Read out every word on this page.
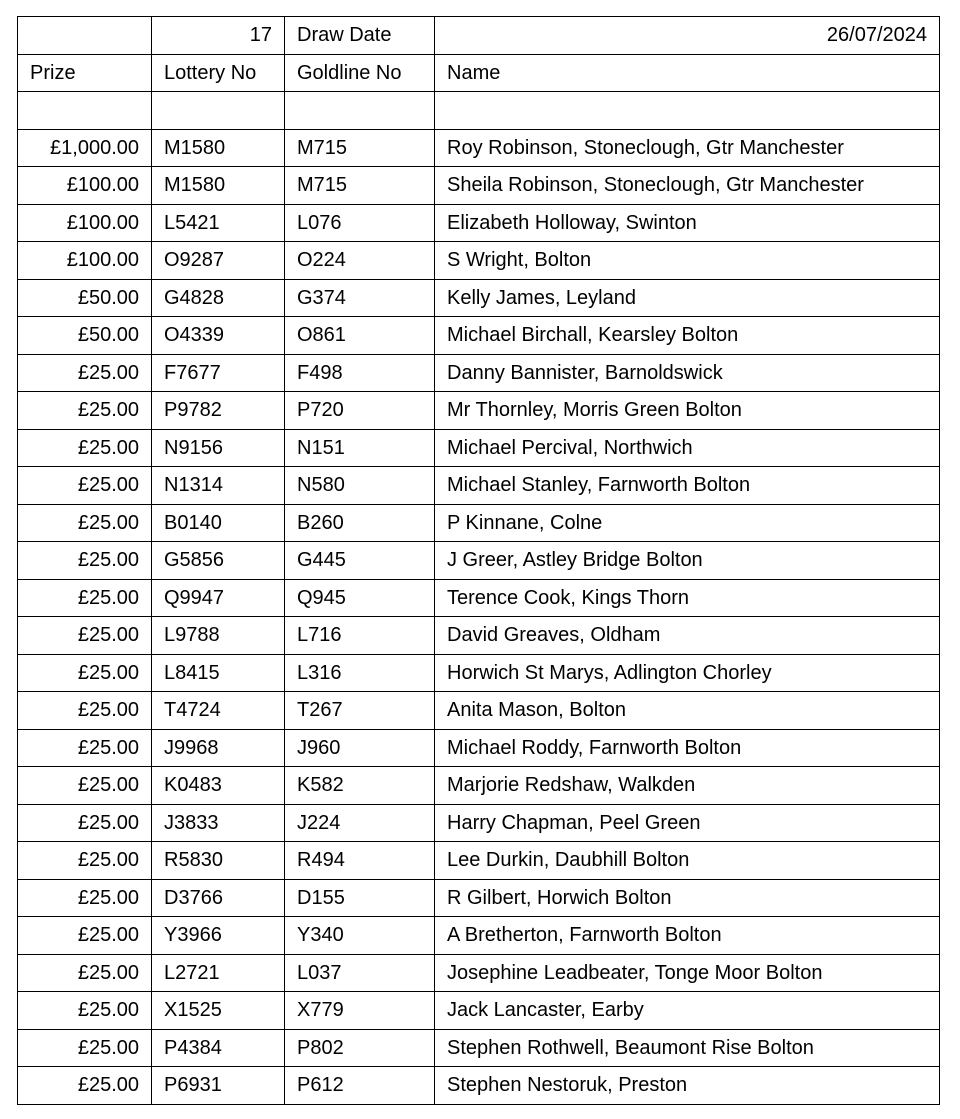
	17	Draw Date	26/07/2024
Prize	Lottery No	Goldline No	Name

£1,000.00	M1580	M715	Roy Robinson, Stoneclough, Gtr Manchester
£100.00	M1580	M715	Sheila Robinson, Stoneclough, Gtr Manchester
£100.00	L5421	L076	Elizabeth Holloway, Swinton
£100.00	O9287	O224	S Wright, Bolton
£50.00	G4828	G374	Kelly James, Leyland
£50.00	O4339	O861	Michael Birchall, Kearsley Bolton
£25.00	F7677	F498	Danny Bannister, Barnoldswick
£25.00	P9782	P720	Mr Thornley, Morris Green Bolton
£25.00	N9156	N151	Michael Percival, Northwich
£25.00	N1314	N580	Michael Stanley, Farnworth Bolton
£25.00	B0140	B260	P Kinnane, Colne
£25.00	G5856	G445	J Greer, Astley Bridge Bolton
£25.00	Q9947	Q945	Terence Cook, Kings Thorn
£25.00	L9788	L716	David Greaves, Oldham
£25.00	L8415	L316	Horwich St Marys, Adlington Chorley
£25.00	T4724	T267	Anita Mason, Bolton
£25.00	J9968	J960	Michael Roddy, Farnworth Bolton
£25.00	K0483	K582	Marjorie Redshaw, Walkden
£25.00	J3833	J224	Harry Chapman, Peel Green
£25.00	R5830	R494	Lee Durkin, Daubhill Bolton
£25.00	D3766	D155	R Gilbert, Horwich Bolton
£25.00	Y3966	Y340	A Bretherton, Farnworth Bolton
£25.00	L2721	L037	Josephine Leadbeater, Tonge Moor Bolton
£25.00	X1525	X779	Jack Lancaster, Earby
£25.00	P4384	P802	Stephen Rothwell, Beaumont Rise Bolton
£25.00	P6931	P612	Stephen Nestoruk, Preston
